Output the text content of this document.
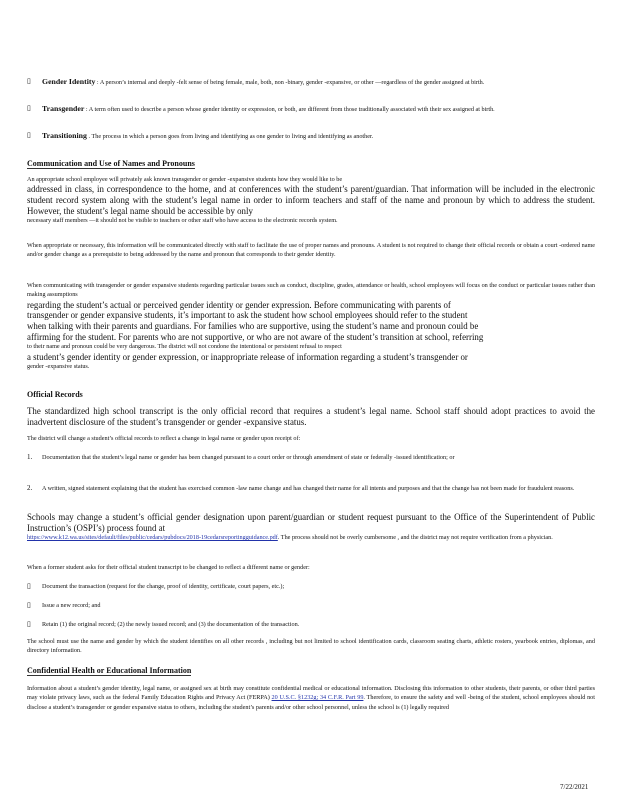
▯ Gender Identity : A person’s internal and deeply -felt sense of being female, male, both, non -binary, gender -expansive, or other —regardless of the gender assigned at birth.
▯ Transgender : A term often used to describe a person whose gender identity or expression, or both, are different from those traditionally associated with their sex assigned at birth.
▯ Transitioning . The process in which a person goes from living and identifying as one gender to living and identifying as another.
Communication and Use of Names and Pronouns
An appropriate school employee will privately ask known transgender or gender -expansive students how they would like to be
addressed in class, in correspondence to the home, and at conferences with the student’s parent/guardian. That information will be included in the electronic student record system along with the student’s legal name in order to inform teachers and staff of the name and pronoun by which to address the student. However, the student’s legal name should be accessible by only
necessary staff members —it should not be visible to teachers or other staff who have access to the electronic records system.
When appropriate or necessary, this information will be communicated directly with staff to facilitate the use of proper names and pronouns. A student is not required to change their official records or obtain a court -ordered name and/or gender change as a prerequisite to being addressed by the name and pronoun that corresponds to their gender identity.
When communicating with transgender or gender expansive students regarding particular issues such as conduct, discipline, grades, attendance or health, school employees will focus on the conduct or particular issues rather than making assumptions
regarding the student’s actual or perceived gender identity or gender expression. Before communicating with parents of
transgender or gender expansive students, it’s important to ask the student how school employees should refer to the student
when talking with their parents and guardians. For families who are supportive, using the student’s name and pronoun could be
affirming for the student. For parents who are not supportive, or who are not aware of the student’s transition at school, referring
to their name and pronoun could be very dangerous. The district will not condone the intentional or persistent refusal to respect
a student’s gender identity or gender expression, or inappropriate release of information regarding a student’s transgender or
gender -expansive status.
Official Records
The standardized high school transcript is the only official record that requires a student’s legal name. School staff should adopt practices to avoid the inadvertent disclosure of the student’s transgender or gender -expansive status.
The district will change a student’s official records to reflect a change in legal name or gender upon receipt of:
1. Documentation that the student’s legal name or gender has been changed pursuant to a court order or through amendment of state or federally -issued identification; or
2. A written, signed statement explaining that the student has exercised common -law name change and has changed their name for all intents and purposes and that the change has not been made for fraudulent reasons.
Schools may change a student’s official gender designation upon parent/guardian or student request pursuant to the Office of the Superintendent of Public Instruction’s (OSPI’s) process found at
https://www.k12.wa.us/sites/default/files/public/cedars/pubdocs/2018-19cedarsreportingguidance.pdf. The process should not be overly cumbersome , and the district may not require verification from a physician.
When a former student asks for their official student transcript to be changed to reflect a different name or gender:
▯ Document the transaction (request for the change, proof of identity, certificate, court papers, etc.);
▯ Issue a new record; and
▯ Retain (1) the original record; (2) the newly issued record; and (3) the documentation of the transaction.
The school must use the name and gender by which the student identifies on all other records , including but not limited to school identification cards, classroom seating charts, athletic rosters, yearbook entries, diplomas, and directory information.
Confidential Health or Educational Information
Information about a student’s gender identity, legal name, or assigned sex at birth may constitute confidential medical or educational information. Disclosing this information to other students, their parents, or other third parties may violate privacy laws, such as the federal Family Education Rights and Privacy Act (FERPA) 20 U.S.C. §1232g; 34 C.F.R. Part 99. Therefore, to ensure the safety and well -being of the student, school employees should not disclose a student’s transgender or gender expansive status to others, including the student’s parents and/or other school personnel, unless the school is (1) legally required
7/22/2021
